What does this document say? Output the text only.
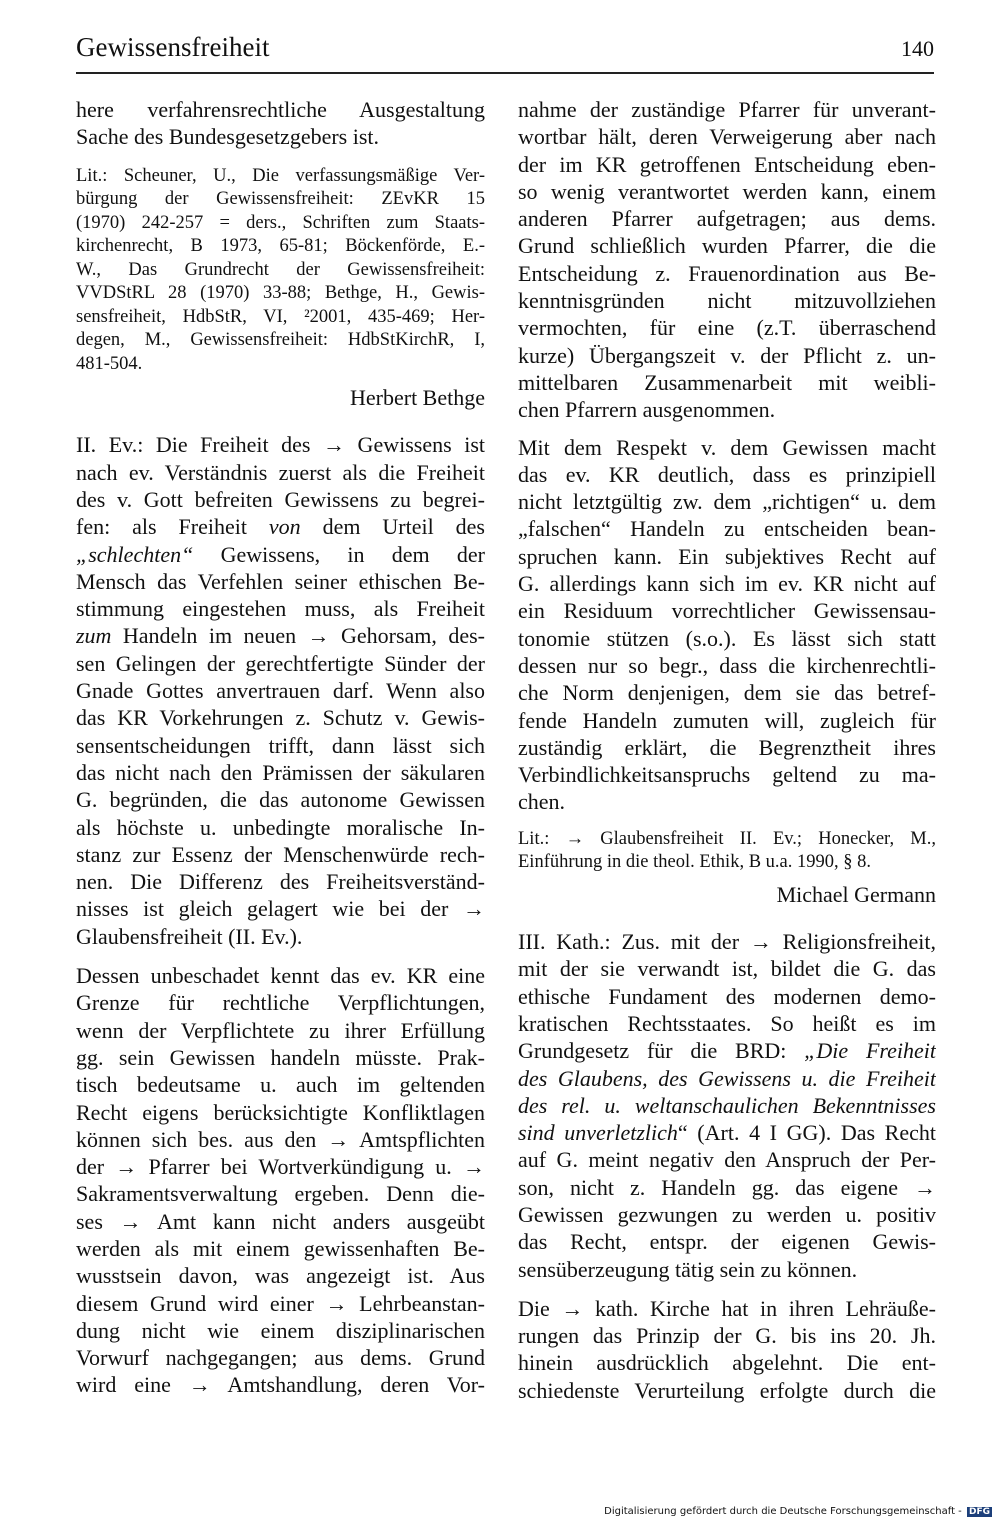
Gewissensfreiheit	140
here verfahrensrechtliche Ausgestaltung
Sache des Bundesgesetzgebers ist.
Lit.: Scheuner, U., Die verfassungsmäßige Ver-
bürgung der Gewissensfreiheit: ZEvKR 15
(1970) 242-257 = ders., Schriften zum Staats-
kirchenrecht, B 1973, 65-81; Böckenförde, E.-
W., Das Grundrecht der Gewissensfreiheit:
VVDStRL 28 (1970) 33-88; Bethge, H., Gewis-
sensfreiheit, HdbStR, VI, ²2001, 435-469; Her-
degen, M., Gewissensfreiheit: HdbStKirchR, I,
481-504.
Herbert Bethge
II. Ev.: Die Freiheit des → Gewissens ist
nach ev. Verständnis zuerst als die Freiheit
des v. Gott befreiten Gewissens zu begrei-
fen: als Freiheit von dem Urteil des
„schlechten“ Gewissens, in dem der
Mensch das Verfehlen seiner ethischen Be-
stimmung eingestehen muss, als Freiheit
zum Handeln im neuen → Gehorsam, des-
sen Gelingen der gerechtfertigte Sünder der
Gnade Gottes anvertrauen darf. Wenn also
das KR Vorkehrungen z. Schutz v. Gewis-
sensentscheidungen trifft, dann lässt sich
das nicht nach den Prämissen der säkularen
G. begründen, die das autonome Gewissen
als höchste u. unbedingte moralische In-
stanz zur Essenz der Menschenwürde rech-
nen. Die Differenz des Freiheitsverständ-
nisses ist gleich gelagert wie bei der →
Glaubensfreiheit (II. Ev.).
Dessen unbeschadet kennt das ev. KR eine
Grenze für rechtliche Verpflichtungen,
wenn der Verpflichtete zu ihrer Erfüllung
gg. sein Gewissen handeln müsste. Prak-
tisch bedeutsame u. auch im geltenden
Recht eigens berücksichtigte Konfliktlagen
können sich bes. aus den → Amtspflichten
der → Pfarrer bei Wortverkündigung u. →
Sakramentsverwaltung ergeben. Denn die-
ses → Amt kann nicht anders ausgeübt
werden als mit einem gewissenhaften Be-
wusstsein davon, was angezeigt ist. Aus
diesem Grund wird einer → Lehrbeanstan-
dung nicht wie einem disziplinarischen
Vorwurf nachgegangen; aus dems. Grund
wird eine → Amtshandlung, deren Vor-
nahme der zuständige Pfarrer für unverant-
wortbar hält, deren Verweigerung aber nach
der im KR getroffenen Entscheidung eben-
so wenig verantwortet werden kann, einem
anderen Pfarrer aufgetragen; aus dems.
Grund schließlich wurden Pfarrer, die die
Entscheidung z. Frauenordination aus Be-
kenntnisgründen nicht mitzuvollziehen
vermochten, für eine (z.T. überraschend
kurze) Übergangszeit v. der Pflicht z. un-
mittelbaren Zusammenarbeit mit weibli-
chen Pfarrern ausgenommen.
Mit dem Respekt v. dem Gewissen macht
das ev. KR deutlich, dass es prinzipiell
nicht letztgültig zw. dem „richtigen“ u. dem
„falschen“ Handeln zu entscheiden bean-
spruchen kann. Ein subjektives Recht auf
G. allerdings kann sich im ev. KR nicht auf
ein Residuum vorrechtlicher Gewissensau-
tonomie stützen (s.o.). Es lässt sich statt
dessen nur so begr., dass die kirchenrechtli-
che Norm denjenigen, dem sie das betref-
fende Handeln zumuten will, zugleich für
zuständig erklärt, die Begrenztheit ihres
Verbindlichkeitsanspruchs geltend zu ma-
chen.
Lit.: → Glaubensfreiheit II. Ev.; Honecker, M.,
Einführung in die theol. Ethik, B u.a. 1990, § 8.
Michael Germann
III. Kath.: Zus. mit der → Religionsfreiheit,
mit der sie verwandt ist, bildet die G. das
ethische Fundament des modernen demo-
kratischen Rechtsstaates. So heißt es im
Grundgesetz für die BRD: „Die Freiheit
des Glaubens, des Gewissens u. die Freiheit
des rel. u. weltanschaulichen Bekenntnisses
sind unverletzlich“ (Art. 4 I GG). Das Recht
auf G. meint negativ den Anspruch der Per-
son, nicht z. Handeln gg. das eigene →
Gewissen gezwungen zu werden u. positiv
das Recht, entspr. der eigenen Gewis-
sensüberzeugung tätig sein zu können.
Die → kath. Kirche hat in ihren Lehräuße-
rungen das Prinzip der G. bis ins 20. Jh.
hinein ausdrücklich abgelehnt. Die ent-
schiedenste Verurteilung erfolgte durch die
Digitalisierung gefördert durch die Deutsche Forschungsgemeinschaft - DFG
